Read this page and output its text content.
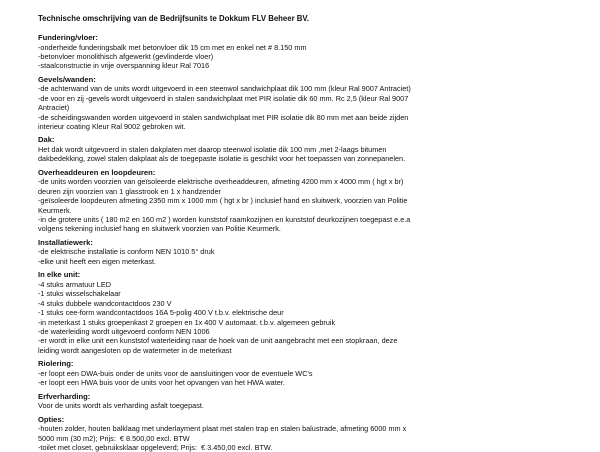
Technische omschrijving van de Bedrijfsunits te Dokkum FLV Beheer BV.
Fundering/vloer:
-onderheide funderingsbalk met betonvloer dik 15 cm met en enkel net # 8.150 mm
-betonvloer monolithisch afgewerkt (gevlinderde vloer)
-staalconstructie in vrije overspanning kleur Ral 7016
Gevels/wanden:
-de achterwand van de units wordt uitgevoerd in een steenwol sandwichplaat dik 100 mm (kleur Ral 9007 Antraciet)
-de voor en zij -gevels wordt uitgevoerd in stalen sandwichplaat met PIR isolatie dik 60 mm. Rc 2,5 (kleur Ral 9007
Antraciet)
-de scheidingswanden worden uitgevoerd in stalen sandwichplaat met PIR isolatie dik 80 mm met aan beide zijden
interieur coating Kleur Ral 9002 gebroken wit.
Dak:
Het dak wordt uitgevoerd in stalen dakplaten met daarop steenwol isolatie dik 100 mm ,met 2-laags bitumen
dakbedekking, zowel stalen dakplaat als de toegepaste isolatie is geschikt voor het toepassen van zonnepanelen.
Overheaddeuren en loopdeuren:
-de units worden voorzien van geïsoleerde elektrische overheaddeuren, afmeting 4200 mm x 4000 mm ( hgt x br)
deuren zijn voorzien van 1 glasstrook en 1 x handzender
-geïsoleerde loopdeuren afmeting 2350 mm x 1000 mm ( hgt x br ) inclusief hand en sluitwerk, voorzien van Politie
Keurmerk.
-in de grotere units ( 180 m2 en 160 m2 ) worden kunststof raamkozijnen en kunststof deurkozijnen toegepast e.e.a
volgens tekening inclusief hang en sluitwerk voorzien van Politie Keurmerk.
Installatiewerk:
-de elektrische installatie is conform NEN 1010 5° druk
-elke unit heeft een eigen meterkast.
In elke unit:
-4 stuks armatuur LED
-1 stuks wisselschakelaar
-4 stuks dubbele wandcontactdoos 230 V
-1 stuks cee-form wandcontactdoos 16A 5-polig 400 V t.b.v. elektrische deur
-in meterkast 1 stuks groepenkast 2 groepen en 1x 400 V automaat. t.b.v. algemeen gebruik
-de waterleiding wordt uitgevoerd conform NEN 1006
-er wordt in elke unit een kunststof waterleiding naar de hoek van de unit aangebracht met een stopkraan, deze
leiding wordt aangesloten op de watermeter in de meterkast
Riolering:
-er loopt een DWA-buis onder de units voor de aansluitingen voor de eventuele WC's
-er loopt een HWA buis voor de units voor het opvangen van het HWA water.
Erfverharding:
Voor de units wordt als verharding asfalt toegepast.
Opties:
-houten zolder, houten balklaag met underlayment plaat met stalen trap en stalen balustrade, afmeting 6000 mm x
5000 mm (30 m2); Prijs:  € 8.500,00 excl. BTW
-toilet met closet, gebruiksklaar opgeleverd; Prijs:  € 3.450,00 excl. BTW.
